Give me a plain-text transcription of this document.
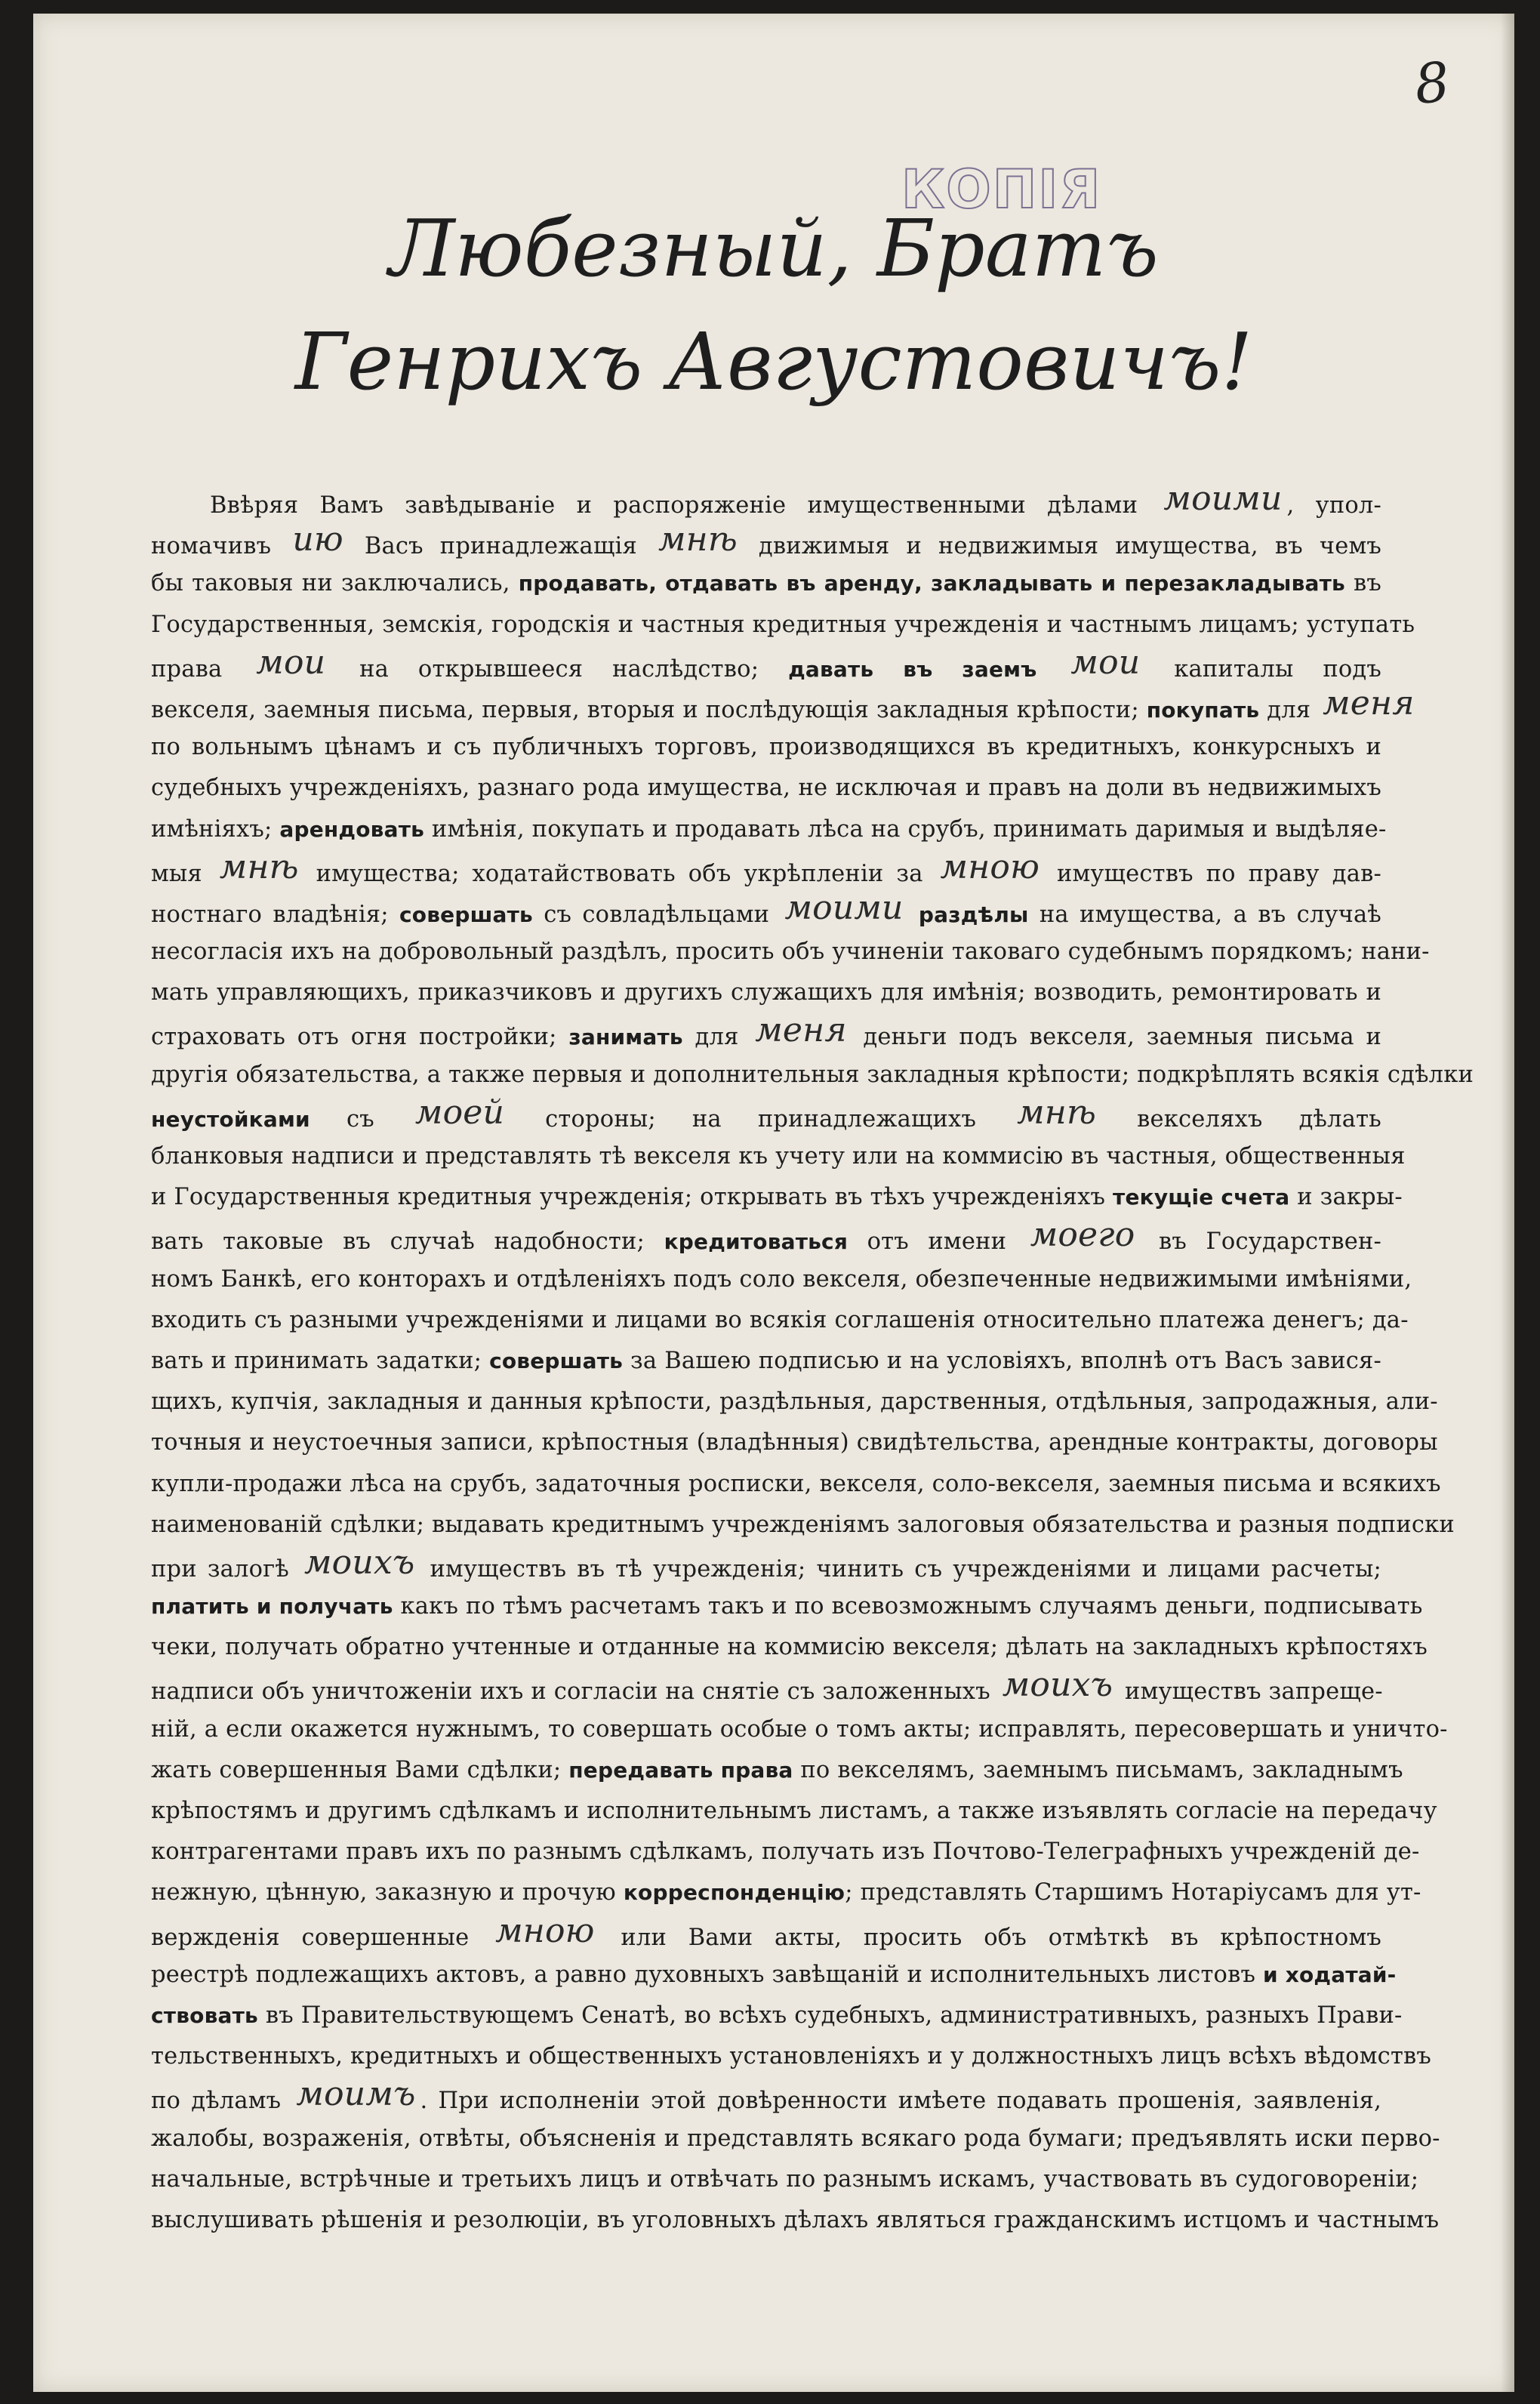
8
КОПІЯ
Любезный, Братъ
Генрихъ Августовичъ!
Ввѣряя Вамъ завѣдываніе и распоряженіе имущественными дѣлами моими , упол-
номачивъ ию Васъ принадлежащія мнѣ движимыя и недвижимыя имущества, въ чемъ
бы таковыя ни заключались, продавать, отдавать въ аренду, закладывать и перезакладывать въ
Государственныя, земскія, городскія и частныя кредитныя учрежденія и частнымъ лицамъ; уступать
права мои на открывшееся наслѣдство; давать въ заемъ мои капиталы подъ
векселя, заемныя письма, первыя, вторыя и послѣдующія закладныя крѣпости; покупать для меня
по вольнымъ цѣнамъ и съ публичныхъ торговъ, производящихся въ кредитныхъ, конкурсныхъ и
судебныхъ учрежденіяхъ, разнаго рода имущества, не исключая и правъ на доли въ недвижимыхъ
имѣніяхъ; арендовать имѣнія, покупать и продавать лѣса на срубъ, принимать даримыя и выдѣляе-
мыя мнѣ имущества; ходатайствовать объ укрѣпленіи за мною имуществъ по праву дав-
ностнаго владѣнія; совершать съ совладѣльцами моими раздѣлы на имущества, а въ случаѣ
несогласія ихъ на добровольный раздѣлъ, просить объ учиненіи таковаго судебнымъ порядкомъ; нани-
мать управляющихъ, приказчиковъ и другихъ служащихъ для имѣнія; возводить, ремонтировать и
страховать отъ огня постройки; занимать для меня деньги подъ векселя, заемныя письма и
другія обязательства, а также первыя и дополнительныя закладныя крѣпости; подкрѣплять всякія сдѣлки
неустойками съ моей стороны; на принадлежащихъ мнѣ векселяхъ дѣлать
бланковыя надписи и представлять тѣ векселя къ учету или на коммисію въ частныя, общественныя
и Государственныя кредитныя учрежденія; открывать въ тѣхъ учрежденіяхъ текущіе счета и закры-
вать таковые въ случаѣ надобности; кредитоваться отъ имени моего въ Государствен-
номъ Банкѣ, его конторахъ и отдѣленіяхъ подъ соло векселя, обезпеченные недвижимыми имѣніями,
входить съ разными учрежденіями и лицами во всякія соглашенія относительно платежа денегъ; да-
вать и принимать задатки; совершать за Вашею подписью и на условіяхъ, вполнѣ отъ Васъ завися-
щихъ, купчія, закладныя и данныя крѣпости, раздѣльныя, дарственныя, отдѣльныя, запродажныя, али-
точныя и неустоечныя записи, крѣпостныя (владѣнныя) свидѣтельства, арендные контракты, договоры
купли-продажи лѣса на срубъ, задаточныя росписки, векселя, соло-векселя, заемныя письма и всякихъ
наименованій сдѣлки; выдавать кредитнымъ учрежденіямъ залоговыя обязательства и разныя подписки
при залогѣ моихъ имуществъ въ тѣ учрежденія; чинить съ учрежденіями и лицами расчеты;
платить и получать какъ по тѣмъ расчетамъ такъ и по всевозможнымъ случаямъ деньги, подписывать
чеки, получать обратно учтенные и отданные на коммисію векселя; дѣлать на закладныхъ крѣпостяхъ
надписи объ уничтоженіи ихъ и согласіи на снятіе съ заложенныхъ моихъ имуществъ запреще-
ній, а если окажется нужнымъ, то совершать особые о томъ акты; исправлять, пересовершать и уничто-
жать совершенныя Вами сдѣлки; передавать права по векселямъ, заемнымъ письмамъ, закладнымъ
крѣпостямъ и другимъ сдѣлкамъ и исполнительнымъ листамъ, а также изъявлять согласіе на передачу
контрагентами правъ ихъ по разнымъ сдѣлкамъ, получать изъ Почтово-Телеграфныхъ учрежденій де-
нежную, цѣнную, заказную и прочую корреспонденцію; представлять Старшимъ Нотаріусамъ для ут-
вержденія совершенные мною или Вами акты, просить объ отмѣткѣ въ крѣпостномъ
реестрѣ подлежащихъ актовъ, а равно духовныхъ завѣщаній и исполнительныхъ листовъ и ходатай-
ствовать въ Правительствующемъ Сенатѣ, во всѣхъ судебныхъ, административныхъ, разныхъ Прави-
тельственныхъ, кредитныхъ и общественныхъ установленіяхъ и у должностныхъ лицъ всѣхъ вѣдомствъ
по дѣламъ моимъ . При исполненіи этой довѣренности имѣете подавать прошенія, заявленія,
жалобы, возраженія, отвѣты, объясненія и представлять всякаго рода бумаги; предъявлять иски перво-
начальные, встрѣчные и третьихъ лицъ и отвѣчать по разнымъ искамъ, участвовать въ судоговореніи;
выслушивать рѣшенія и резолюціи, въ уголовныхъ дѣлахъ являться гражданскимъ истцомъ и частнымъ
